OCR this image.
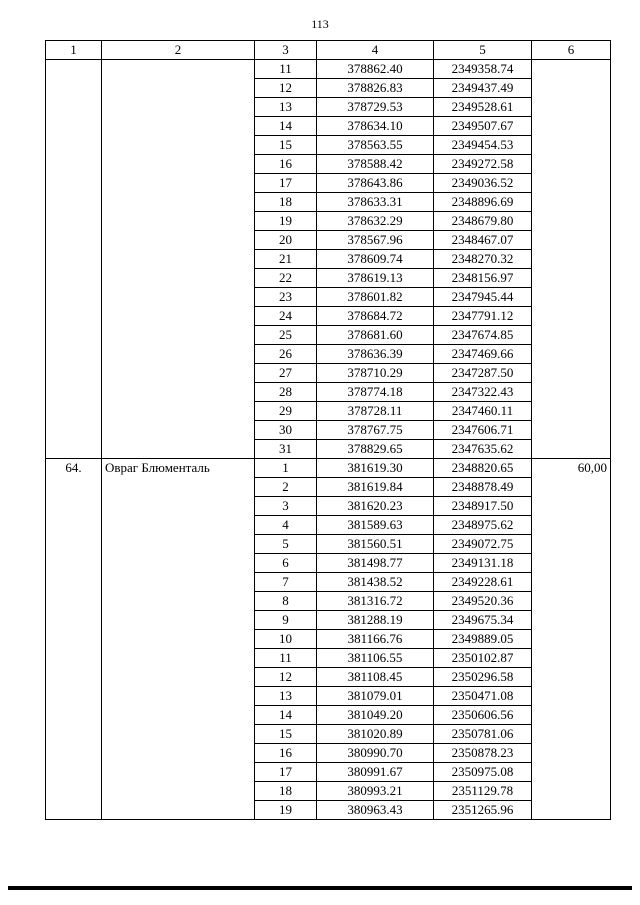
113
1	2	3	4	5	6
		11	378862.40	2349358.74	
		12	378826.83	2349437.49	
		13	378729.53	2349528.61	
		14	378634.10	2349507.67	
		15	378563.55	2349454.53	
		16	378588.42	2349272.58	
		17	378643.86	2349036.52	
		18	378633.31	2348896.69	
		19	378632.29	2348679.80	
		20	378567.96	2348467.07	
		21	378609.74	2348270.32	
		22	378619.13	2348156.97	
		23	378601.82	2347945.44	
		24	378684.72	2347791.12	
		25	378681.60	2347674.85	
		26	378636.39	2347469.66	
		27	378710.29	2347287.50	
		28	378774.18	2347322.43	
		29	378728.11	2347460.11	
		30	378767.75	2347606.71	
		31	378829.65	2347635.62	
64.	Овраг Блюменталь	1	381619.30	2348820.65	60,00
		2	381619.84	2348878.49	
		3	381620.23	2348917.50	
		4	381589.63	2348975.62	
		5	381560.51	2349072.75	
		6	381498.77	2349131.18	
		7	381438.52	2349228.61	
		8	381316.72	2349520.36	
		9	381288.19	2349675.34	
		10	381166.76	2349889.05	
		11	381106.55	2350102.87	
		12	381108.45	2350296.58	
		13	381079.01	2350471.08	
		14	381049.20	2350606.56	
		15	381020.89	2350781.06	
		16	380990.70	2350878.23	
		17	380991.67	2350975.08	
		18	380993.21	2351129.78	
		19	380963.43	2351265.96	
